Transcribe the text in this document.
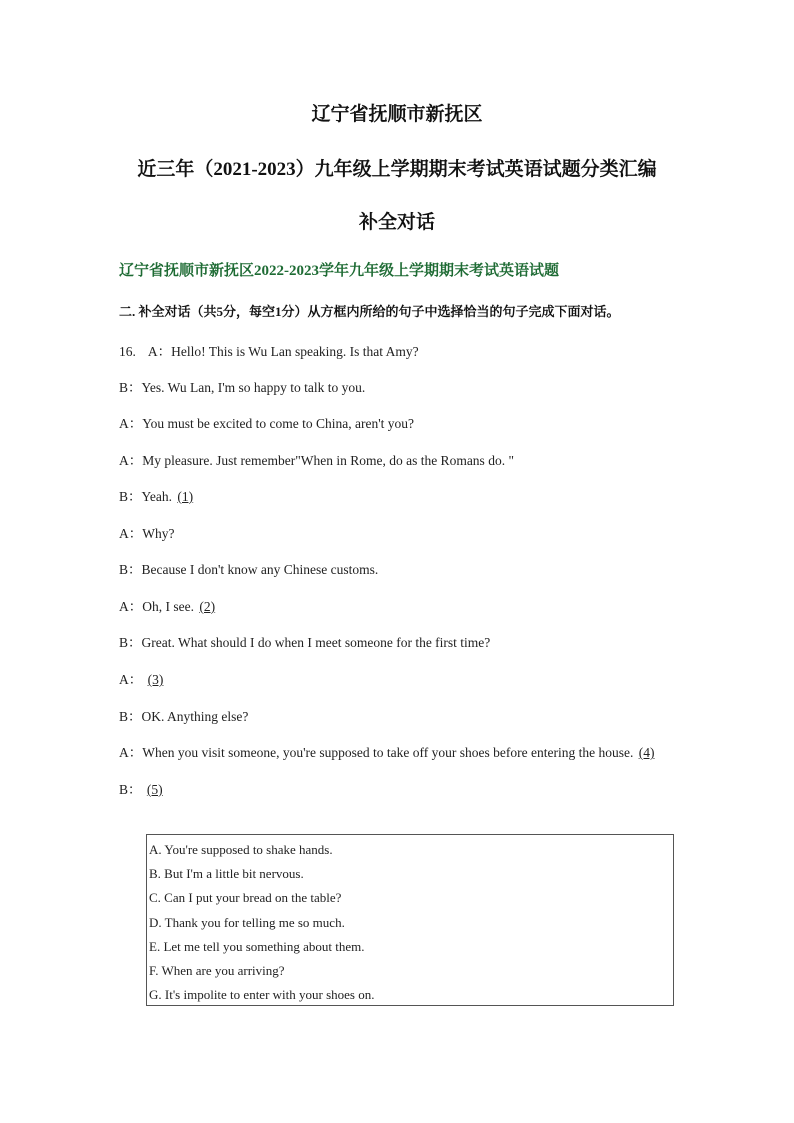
辽宁省抚顺市新抚区
近三年（2021-2023）九年级上学期期末考试英语试题分类汇编
补全对话
辽宁省抚顺市新抚区2022-2023学年九年级上学期期末考试英语试题
二. 补全对话（共5分，每空1分）从方框内所给的句子中选择恰当的句子完成下面对话。
16. A：Hello! This is Wu Lan speaking. Is that Amy?
B：Yes. Wu Lan, I'm so happy to talk to you.
A：You must be excited to come to China, aren't you?
A：My pleasure. Just remember"When in Rome, do as the Romans do. "
B：Yeah. (1)
A：Why?
B：Because I don't know any Chinese customs.
A：Oh, I see. (2)
B：Great. What should I do when I meet someone for the first time?
A： (3)
B：OK. Anything else?
A：When you visit someone, you're supposed to take off your shoes before entering the house. (4)
B： (5)
A. You're supposed to shake hands.
B. But I'm a little bit nervous.
C. Can I put your bread on the table?
D. Thank you for telling me so much.
E. Let me tell you something about them.
F. When are you arriving?
G. It's impolite to enter with your shoes on.
